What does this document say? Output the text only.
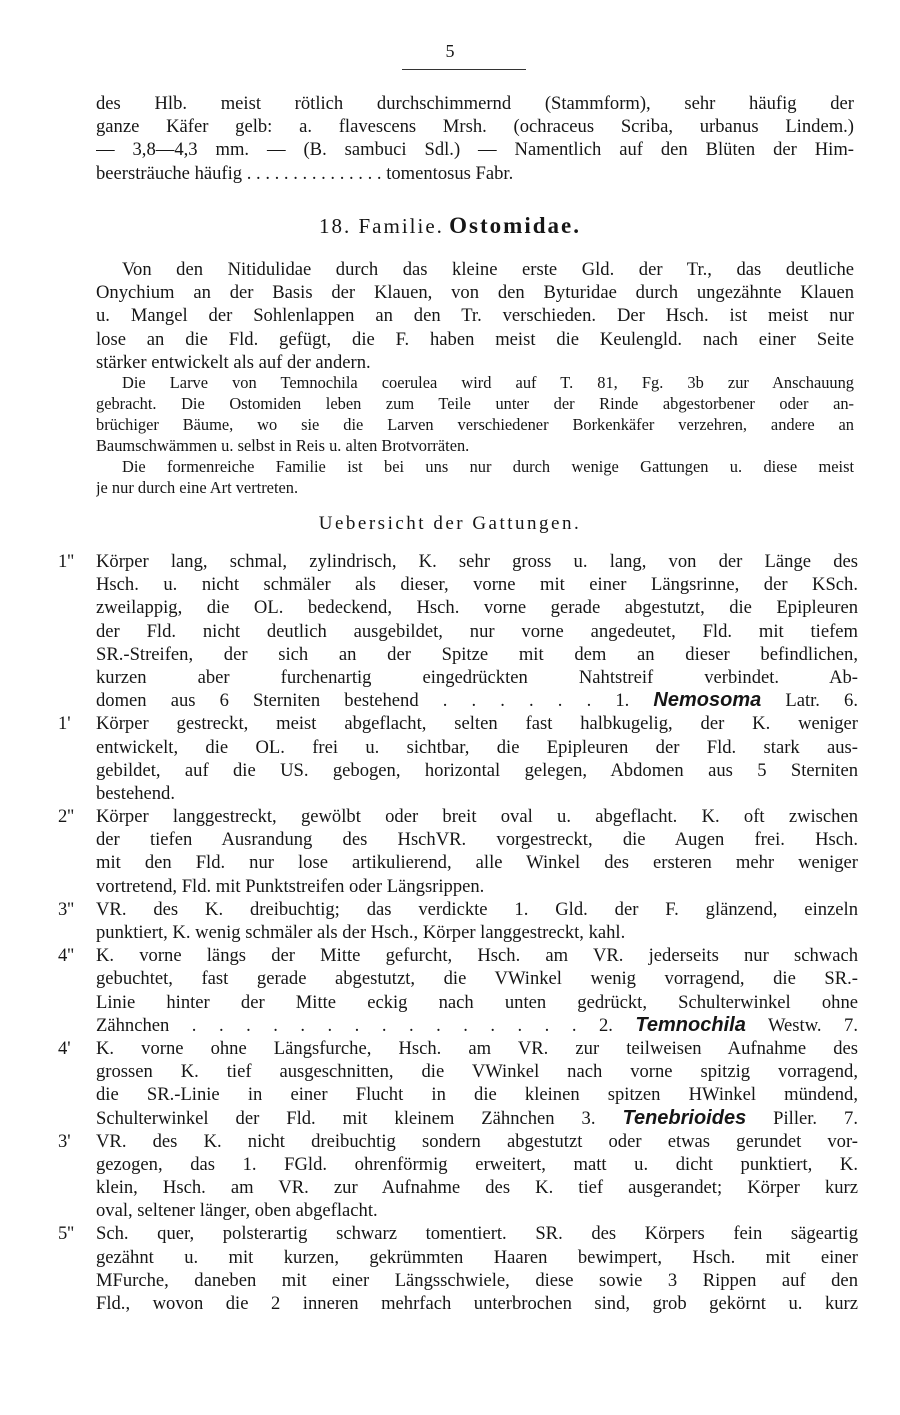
5
des Hlb. meist rötlich durchschimmernd (Stammform), sehr häufig der
ganze Käfer gelb: a. flavescens Mrsh. (ochraceus Scriba, urbanus Lindem.)
— 3,8—4,3 mm. — (B. sambuci Sdl.) — Namentlich auf den Blüten der Him-
beersträuche häufig . . . . . . . . . . . . . . . tomentosus Fabr.
18. Familie. Ostomidae.
Von den Nitidulidae durch das kleine erste Gld. der Tr., das deutliche
Onychium an der Basis der Klauen, von den Byturidae durch ungezähnte Klauen
u. Mangel der Sohlenlappen an den Tr. verschieden. Der Hsch. ist meist nur
lose an die Fld. gefügt, die F. haben meist die Keulengld. nach einer Seite
stärker entwickelt als auf der andern.
Die Larve von Temnochila coerulea wird auf T. 81, Fg. 3b zur Anschauung
gebracht. Die Ostomiden leben zum Teile unter der Rinde abgestorbener oder an-
brüchiger Bäume, wo sie die Larven verschiedener Borkenkäfer verzehren, andere an
Baumschwämmen u. selbst in Reis u. alten Brotvorräten.
Die formenreiche Familie ist bei uns nur durch wenige Gattungen u. diese meist
je nur durch eine Art vertreten.
Uebersicht der Gattungen.
1'' Körper lang, schmal, zylindrisch, K. sehr gross u. lang, von der Länge des
Hsch. u. nicht schmäler als dieser, vorne mit einer Längsrinne, der KSch.
zweilappig, die OL. bedeckend, Hsch. vorne gerade abgestutzt, die Epipleuren
der Fld. nicht deutlich ausgebildet, nur vorne angedeutet, Fld. mit tiefem
SR.-Streifen, der sich an der Spitze mit dem an dieser befindlichen,
kurzen aber furchenartig eingedrückten Nahtstreif verbindet. Ab-
domen aus 6 Sterniten bestehend . . . . . . 1. Nemosoma Latr. 6.
1' Körper gestreckt, meist abgeflacht, selten fast halbkugelig, der K. weniger
entwickelt, die OL. frei u. sichtbar, die Epipleuren der Fld. stark aus-
gebildet, auf die US. gebogen, horizontal gelegen, Abdomen aus 5 Sterniten
bestehend.
2'' Körper langgestreckt, gewölbt oder breit oval u. abgeflacht. K. oft zwischen
der tiefen Ausrandung des HschVR. vorgestreckt, die Augen frei. Hsch.
mit den Fld. nur lose artikulierend, alle Winkel des ersteren mehr weniger
vortretend, Fld. mit Punktstreifen oder Längsrippen.
3'' VR. des K. dreibuchtig; das verdickte 1. Gld. der F. glänzend, einzeln
punktiert, K. wenig schmäler als der Hsch., Körper langgestreckt, kahl.
4'' K. vorne längs der Mitte gefurcht, Hsch. am VR. jederseits nur schwach
gebuchtet, fast gerade abgestutzt, die VWinkel wenig vorragend, die SR.-
Linie hinter der Mitte eckig nach unten gedrückt, Schulterwinkel ohne
Zähnchen . . . . . . . . . . . . . . . 2. Temnochila Westw. 7.
4' K. vorne ohne Längsfurche, Hsch. am VR. zur teilweisen Aufnahme des
grossen K. tief ausgeschnitten, die VWinkel nach vorne spitzig vorragend,
die SR.-Linie in einer Flucht in die kleinen spitzen HWinkel mündend,
Schulterwinkel der Fld. mit kleinem Zähnchen 3. Tenebrioides Piller. 7.
3' VR. des K. nicht dreibuchtig sondern abgestutzt oder etwas gerundet vor-
gezogen, das 1. FGld. ohrenförmig erweitert, matt u. dicht punktiert, K.
klein, Hsch. am VR. zur Aufnahme des K. tief ausgerandet; Körper kurz
oval, seltener länger, oben abgeflacht.
5'' Sch. quer, polsterartig schwarz tomentiert. SR. des Körpers fein sägeartig
gezähnt u. mit kurzen, gekrümmten Haaren bewimpert, Hsch. mit einer
MFurche, daneben mit einer Längsschwiele, diese sowie 3 Rippen auf den
Fld., wovon die 2 inneren mehrfach unterbrochen sind, grob gekörnt u. kurz
